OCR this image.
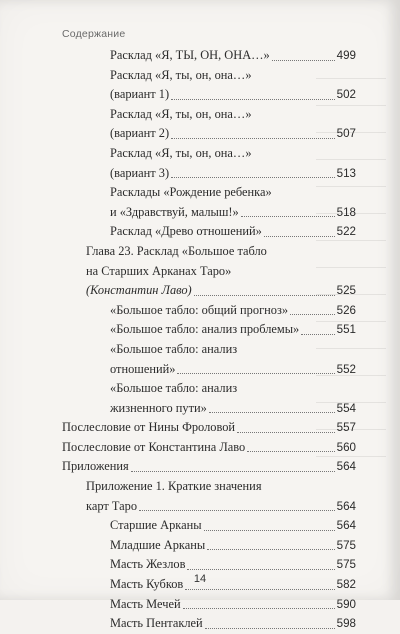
Содержание
Расклад «Я, ТЫ, ОН, ОНА…»	499
Расклад «Я, ты, он, она…»
(вариант 1)	502
Расклад «Я, ты, он, она…»
(вариант 2)	507
Расклад «Я, ты, он, она…»
(вариант 3)	513
Расклады «Рождение ребенка»
и «Здравствуй, малыш!»	518
Расклад «Древо отношений»	522
Глава 23. Расклад «Большое табло
на Старших Арканах Таро»
(Константин Лаво)	525
«Большое табло: общий прогноз»	526
«Большое табло: анализ проблемы»	551
«Большое табло: анализ
отношений»	552
«Большое табло: анализ
жизненного пути»	554
Послесловие от Нины Фроловой	557
Послесловие от Константина Лаво	560
Приложения	564
Приложение 1. Краткие значения
карт Таро	564
Старшие Арканы	564
Младшие Арканы	575
Масть Жезлов	575
Масть Кубков	582
Масть Мечей	590
Масть Пентаклей	598
14
